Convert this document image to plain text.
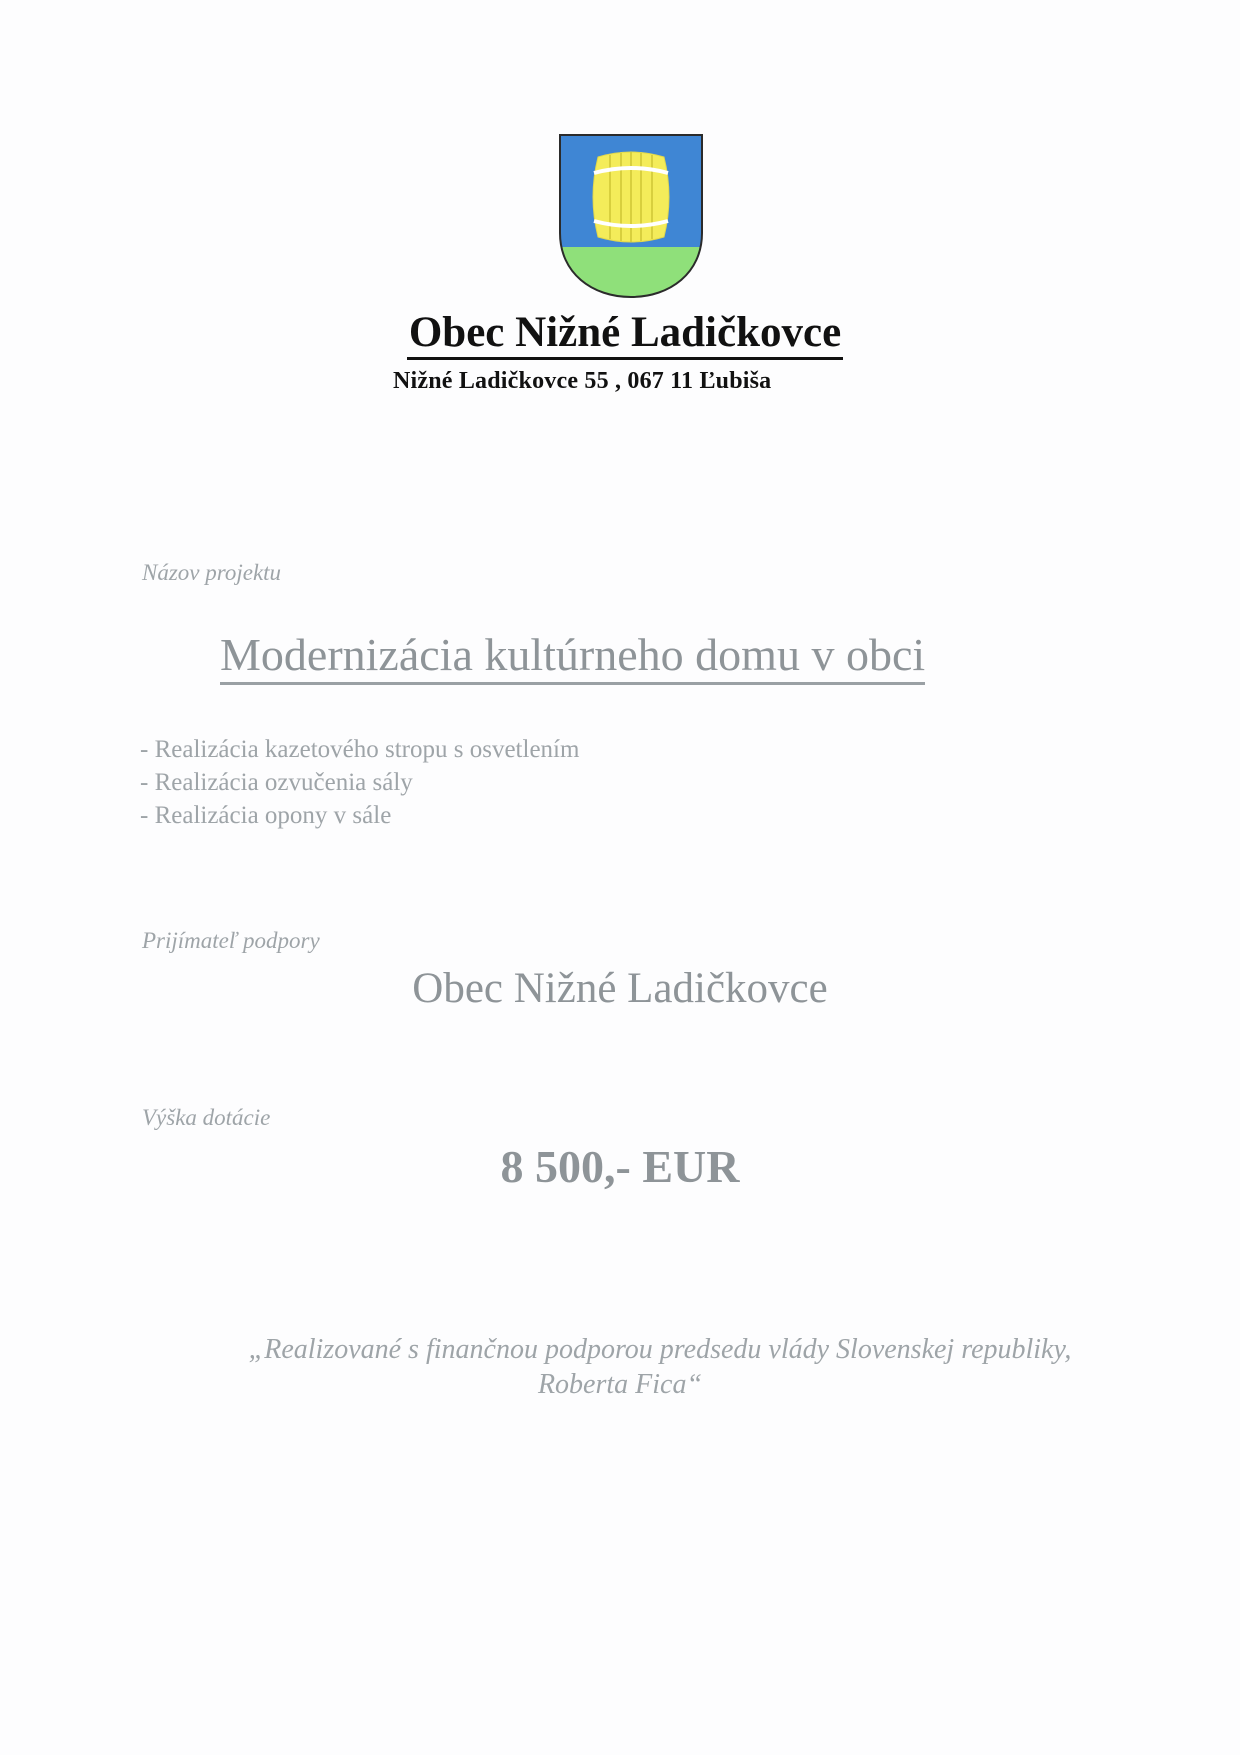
Obec Nižné Ladičkovce
Nižné Ladičkovce 55 , 067 11 Ľubiša
Názov projektu
Modernizácia kultúrneho domu v obci
- Realizácia kazetového stropu s osvetlením
- Realizácia ozvučenia sály
- Realizácia opony v sále
Prijímateľ podpory
Obec Nižné Ladičkovce
Výška dotácie
8 500,- EUR
„Realizované s finančnou podporou predsedu vlády Slovenskej republiky,
Roberta Fica“
